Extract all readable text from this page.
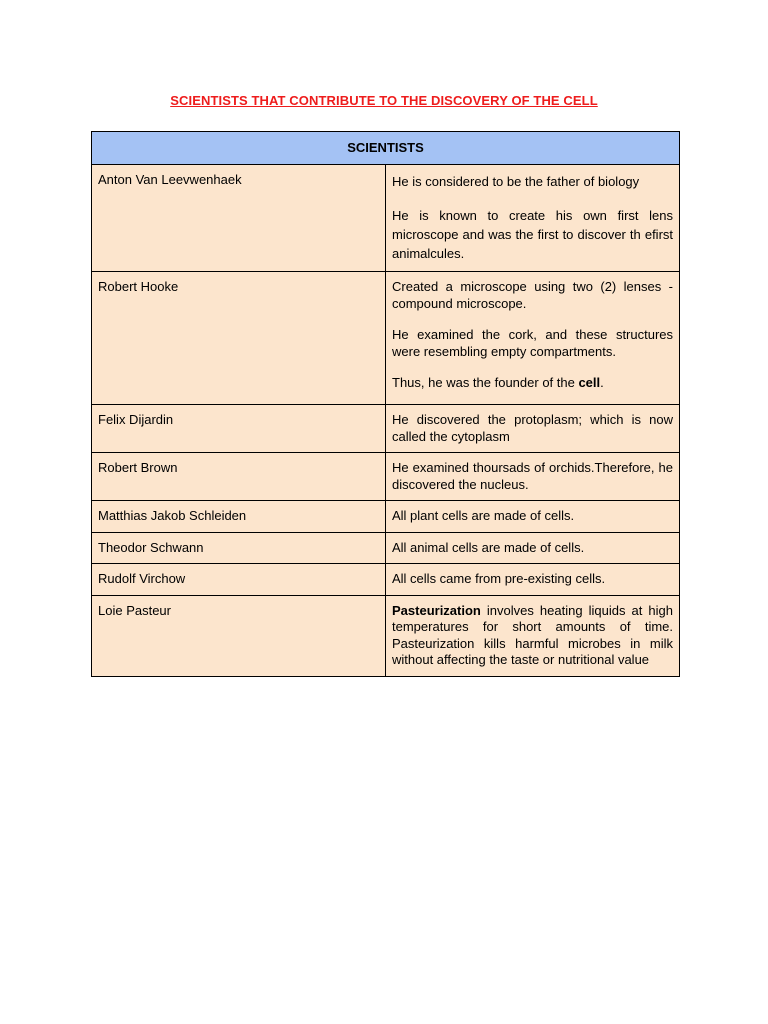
SCIENTISTS THAT CONTRIBUTE TO THE DISCOVERY OF THE CELL
SCIENTISTS	
Anton Van Leevwenhaek	He is considered to be the father of biology

He is known to create his own first lens microscope and was the first to discover th efirst animalcules.

Robert Hooke	Created a microscope using two (2) lenses - compound microscope.

He examined the cork, and these structures were resembling empty compartments.

Thus, he was the founder of the cell.

Felix Dijardin	He discovered the protoplasm; which is now called the cytoplasm

Robert Brown	He examined thoursads of orchids.Therefore, he discovered the nucleus.

Matthias Jakob Schleiden	All plant cells are made of cells.

Theodor Schwann	All animal cells are made of cells.

Rudolf Virchow	All cells came from pre-existing cells.

Loie Pasteur	Pasteurization involves heating liquids at high temperatures for short amounts of time. Pasteurization kills harmful microbes in milk without affecting the taste or nutritional value
